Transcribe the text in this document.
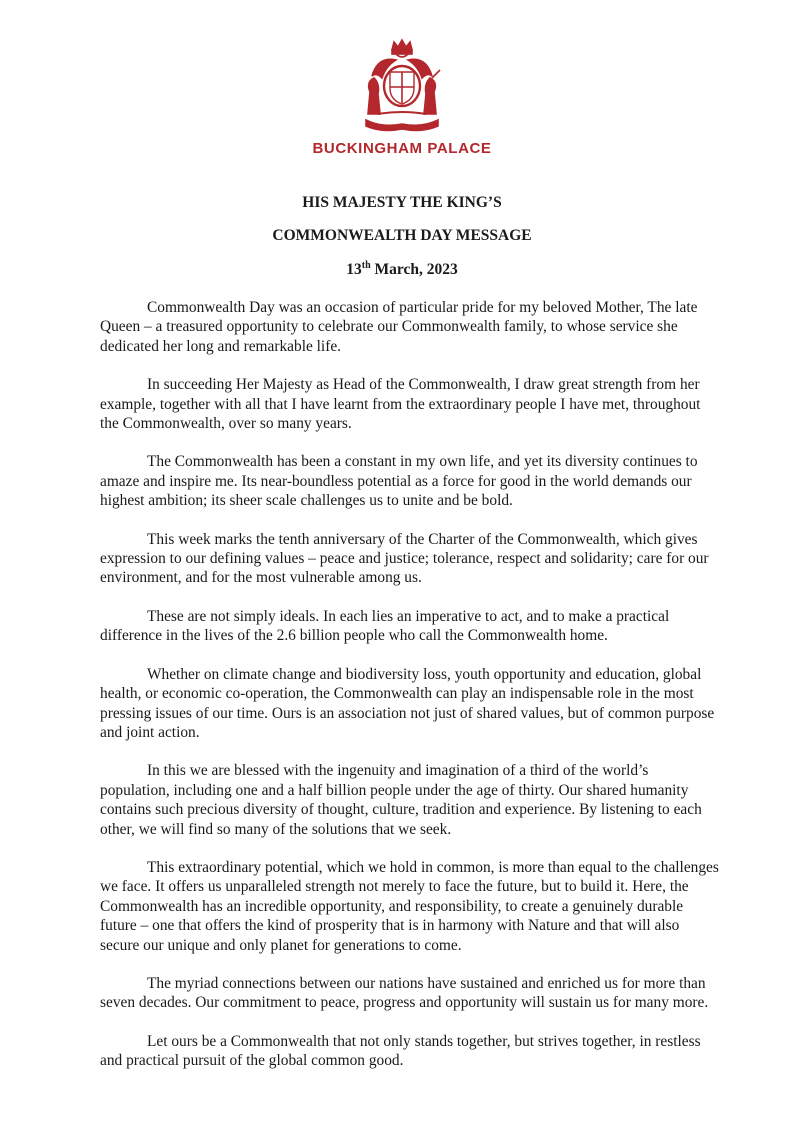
BUCKINGHAM PALACE
HIS MAJESTY THE KING’S
COMMONWEALTH DAY MESSAGE
13th March, 2023

Commonwealth Day was an occasion of particular pride for my beloved Mother, The late Queen – a treasured opportunity to celebrate our Commonwealth family, to whose service she dedicated her long and remarkable life.

In succeeding Her Majesty as Head of the Commonwealth, I draw great strength from her example, together with all that I have learnt from the extraordinary people I have met, throughout the Commonwealth, over so many years.

The Commonwealth has been a constant in my own life, and yet its diversity continues to amaze and inspire me. Its near-boundless potential as a force for good in the world demands our highest ambition; its sheer scale challenges us to unite and be bold.

This week marks the tenth anniversary of the Charter of the Commonwealth, which gives expression to our defining values – peace and justice; tolerance, respect and solidarity; care for our environment, and for the most vulnerable among us.

These are not simply ideals. In each lies an imperative to act, and to make a practical difference in the lives of the 2.6 billion people who call the Commonwealth home.

Whether on climate change and biodiversity loss, youth opportunity and education, global health, or economic co-operation, the Commonwealth can play an indispensable role in the most pressing issues of our time. Ours is an association not just of shared values, but of common purpose and joint action.

In this we are blessed with the ingenuity and imagination of a third of the world’s population, including one and a half billion people under the age of thirty. Our shared humanity contains such precious diversity of thought, culture, tradition and experience. By listening to each other, we will find so many of the solutions that we seek.

This extraordinary potential, which we hold in common, is more than equal to the challenges we face. It offers us unparalleled strength not merely to face the future, but to build it. Here, the Commonwealth has an incredible opportunity, and responsibility, to create a genuinely durable future – one that offers the kind of prosperity that is in harmony with Nature and that will also secure our unique and only planet for generations to come.

The myriad connections between our nations have sustained and enriched us for more than seven decades. Our commitment to peace, progress and opportunity will sustain us for many more.

Let ours be a Commonwealth that not only stands together, but strives together, in restless and practical pursuit of the global common good.
